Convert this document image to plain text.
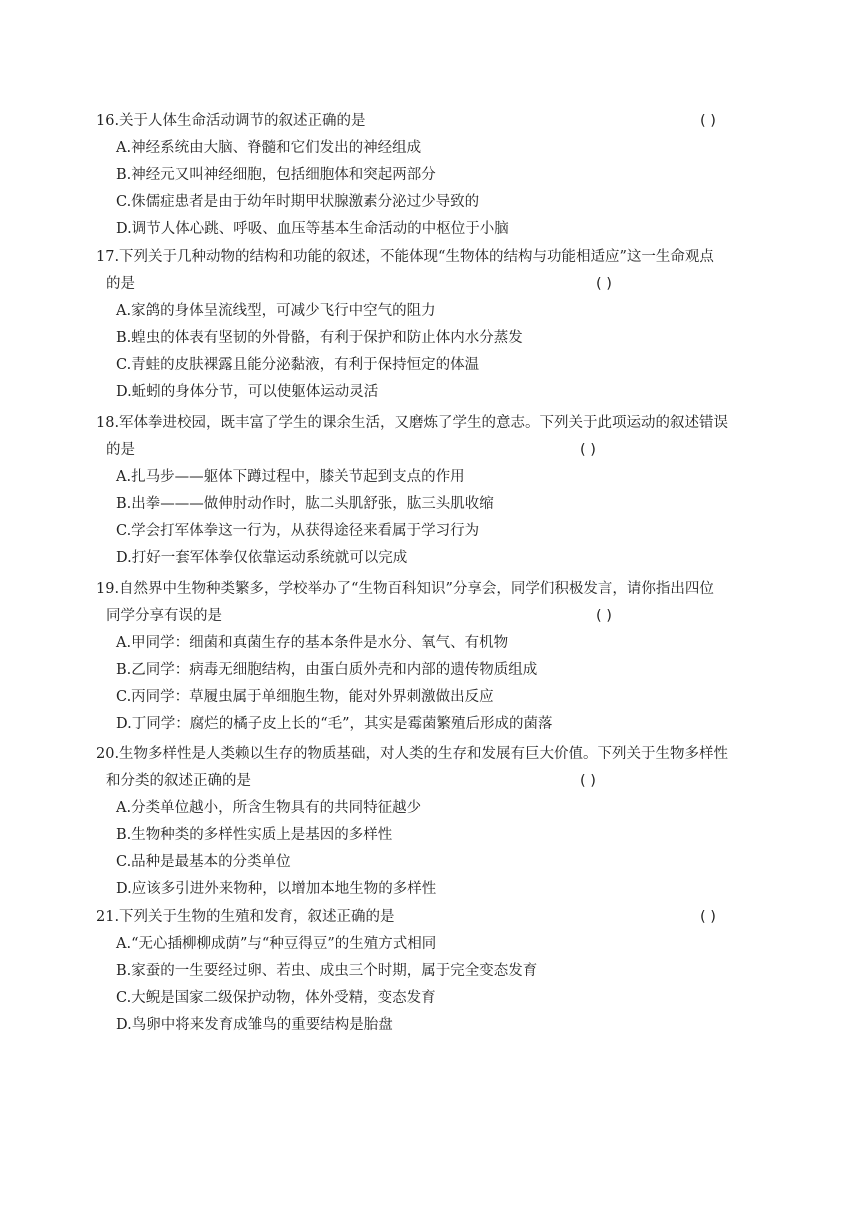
16.关于人体生命活动调节的叙述正确的是	( )
A.神经系统由大脑、脊髓和它们发出的神经组成
B.神经元又叫神经细胞，包括细胞体和突起两部分
C.侏儒症患者是由于幼年时期甲状腺激素分泌过少导致的
D.调节人体心跳、呼吸、血压等基本生命活动的中枢位于小脑
17.下列关于几种动物的结构和功能的叙述，不能体现“生物体的结构与功能相适应”这一生命观点
的是	( )
A.家鸽的身体呈流线型，可减少飞行中空气的阻力
B.蝗虫的体表有坚韧的外骨骼，有利于保护和防止体内水分蒸发
C.青蛙的皮肤裸露且能分泌黏液，有利于保持恒定的体温
D.蚯蚓的身体分节，可以使躯体运动灵活
18.军体拳进校园，既丰富了学生的课余生活，又磨炼了学生的意志。下列关于此项运动的叙述错误
的是	( )
A.扎马步——躯体下蹲过程中，膝关节起到支点的作用
B.出拳———做伸肘动作时，肱二头肌舒张，肱三头肌收缩
C.学会打军体拳这一行为，从获得途径来看属于学习行为
D.打好一套军体拳仅依靠运动系统就可以完成
19.自然界中生物种类繁多，学校举办了“生物百科知识”分享会，同学们积极发言，请你指出四位
同学分享有误的是	( )
A.甲同学：细菌和真菌生存的基本条件是水分、氧气、有机物
B.乙同学：病毒无细胞结构，由蛋白质外壳和内部的遗传物质组成
C.丙同学：草履虫属于单细胞生物，能对外界刺激做出反应
D.丁同学：腐烂的橘子皮上长的“毛”，其实是霉菌繁殖后形成的菌落
20.生物多样性是人类赖以生存的物质基础，对人类的生存和发展有巨大价值。下列关于生物多样性
和分类的叙述正确的是	( )
A.分类单位越小，所含生物具有的共同特征越少
B.生物种类的多样性实质上是基因的多样性
C.品种是最基本的分类单位
D.应该多引进外来物种，以增加本地生物的多样性
21.下列关于生物的生殖和发育，叙述正确的是	( )
A.“无心插柳柳成荫”与“种豆得豆”的生殖方式相同
B.家蚕的一生要经过卵、若虫、成虫三个时期，属于完全变态发育
C.大鲵是国家二级保护动物，体外受精，变态发育
D.鸟卵中将来发育成雏鸟的重要结构是胎盘
